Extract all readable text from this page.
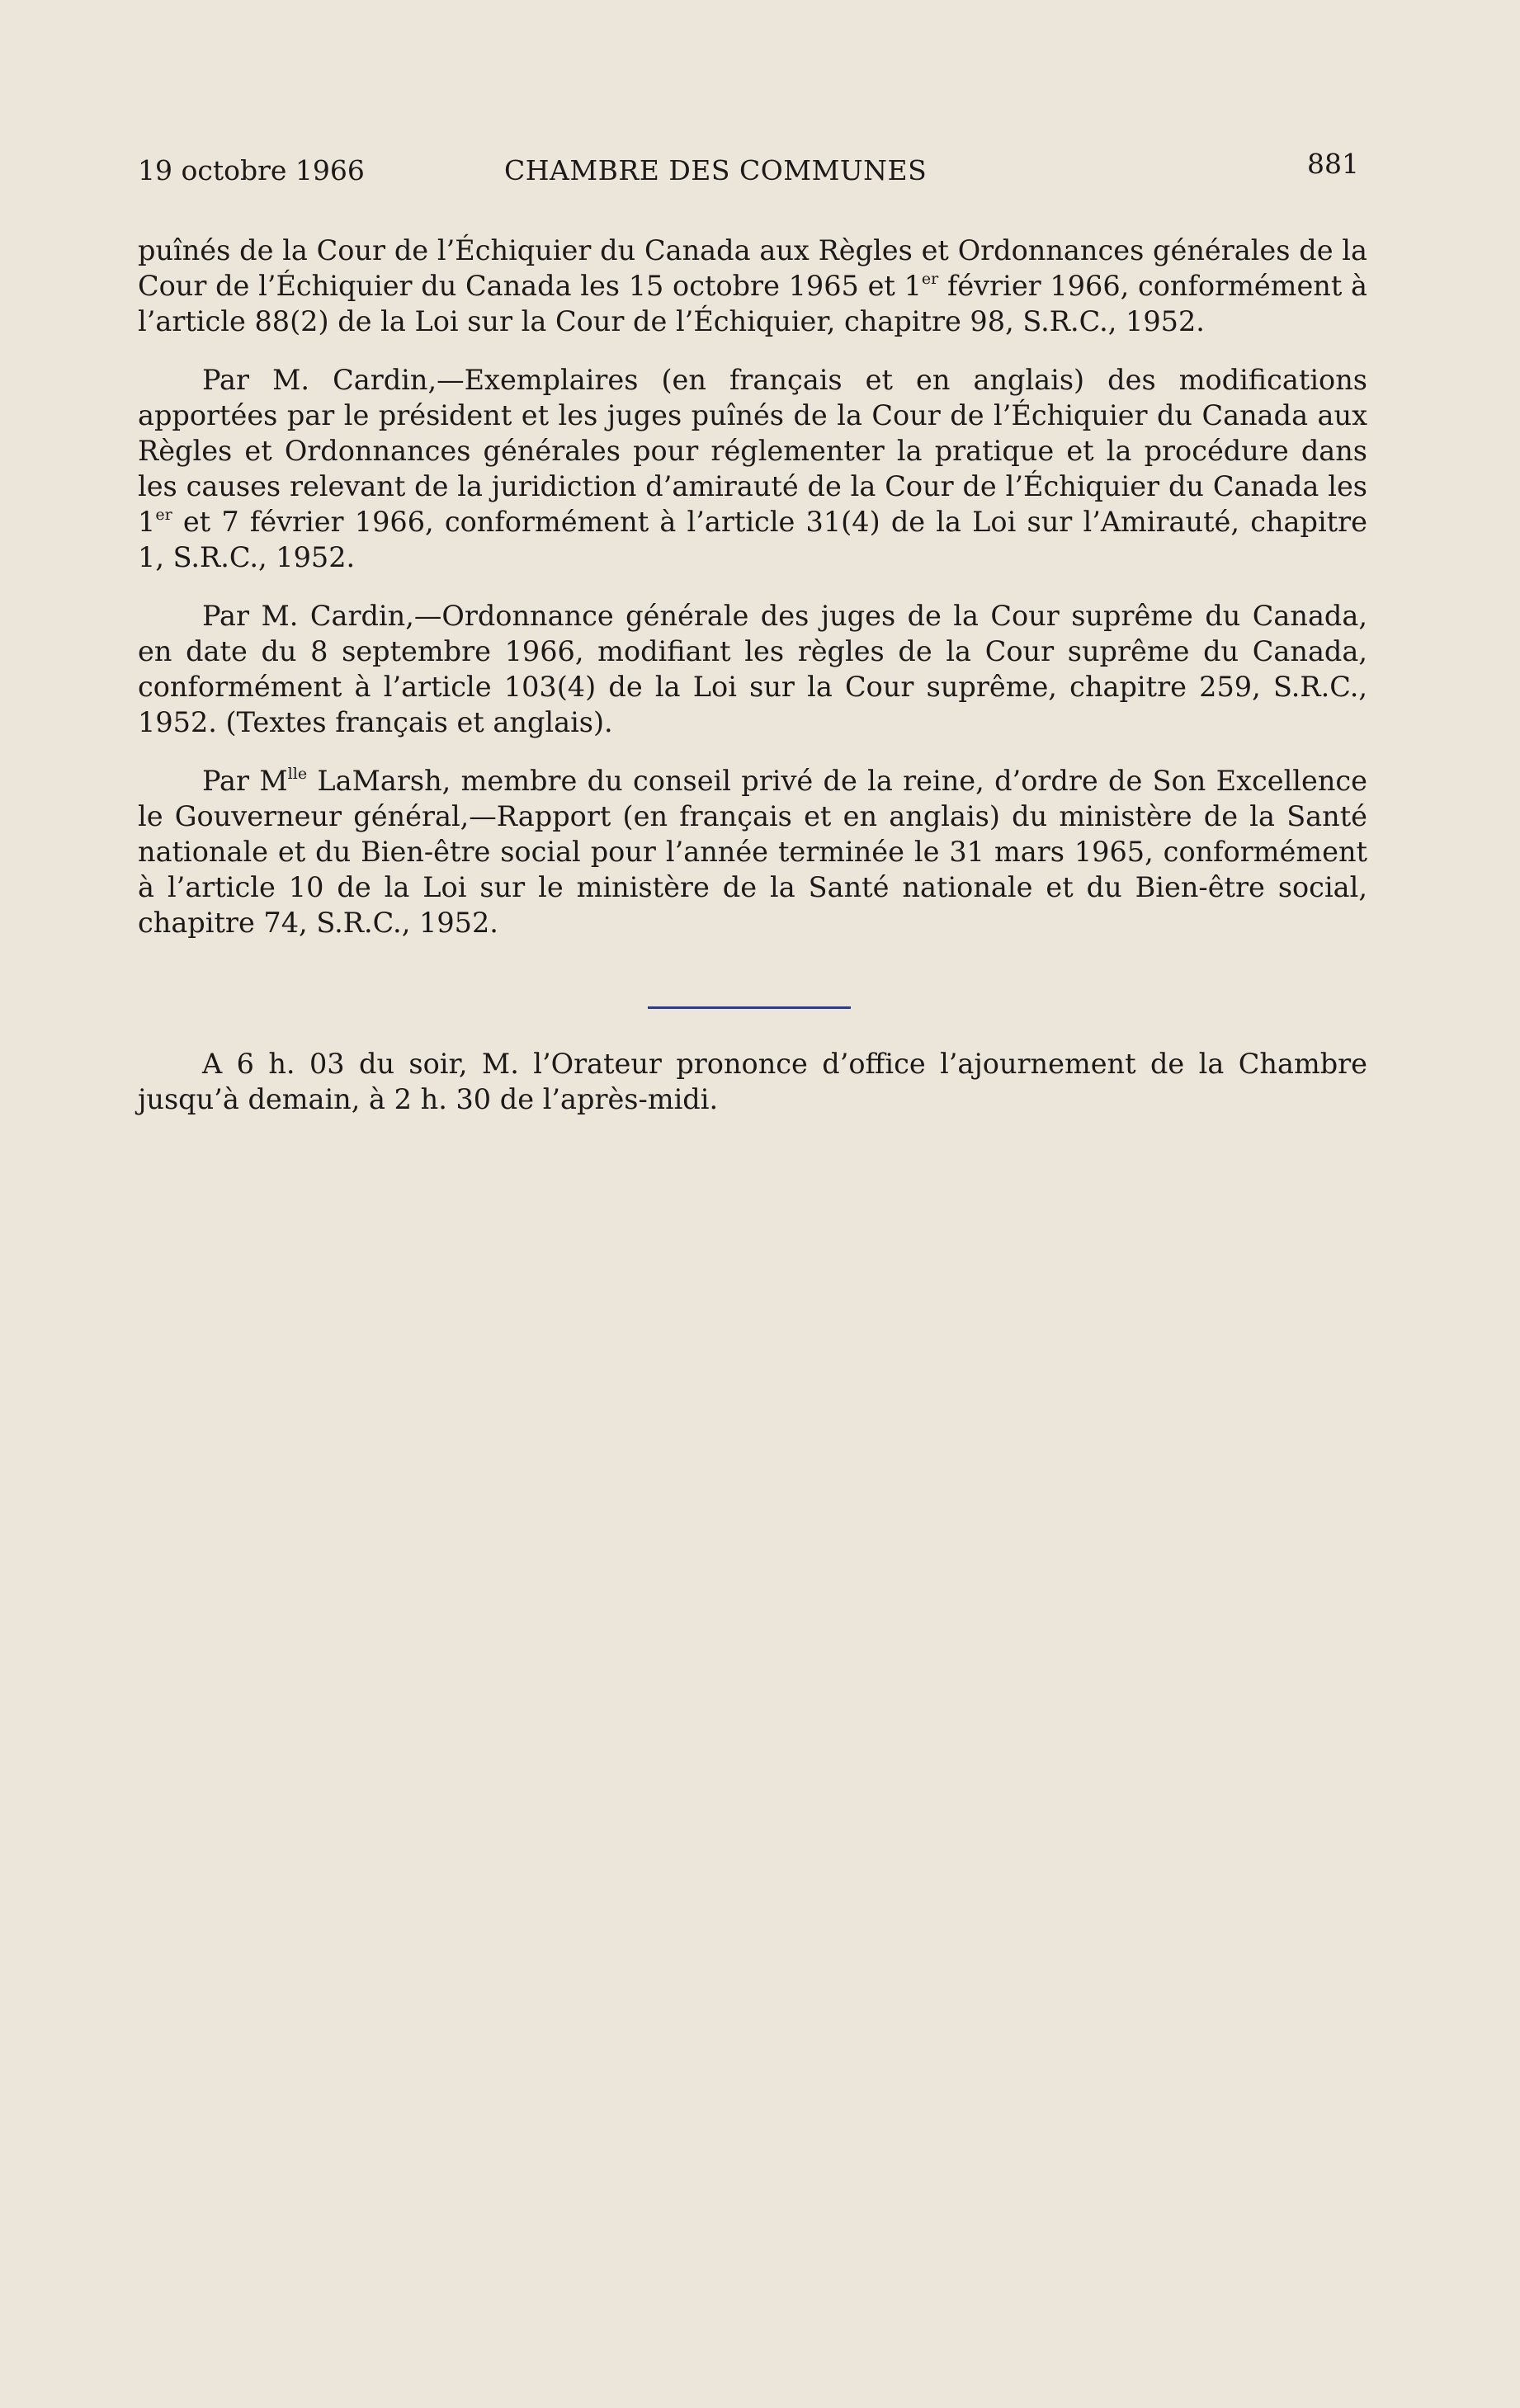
19 octobre 1966	CHAMBRE DES COMMUNES	881

puînés de la Cour de l’Échiquier du Canada aux Règles et Ordonnances générales de la Cour de l’Échiquier du Canada les 15 octobre 1965 et 1er février 1966, conformément à l’article 88(2) de la Loi sur la Cour de l’Échiquier, chapitre 98, S.R.C., 1952.

Par M. Cardin,—Exemplaires (en français et en anglais) des modifications apportées par le président et les juges puînés de la Cour de l’Échiquier du Canada aux Règles et Ordonnances générales pour réglementer la pratique et la procédure dans les causes relevant de la juridiction d’amirauté de la Cour de l’Échiquier du Canada les 1er et 7 février 1966, conformément à l’article 31(4) de la Loi sur l’Amirauté, chapitre 1, S.R.C., 1952.

Par M. Cardin,—Ordonnance générale des juges de la Cour suprême du Canada, en date du 8 septembre 1966, modifiant les règles de la Cour suprême du Canada, conformément à l’article 103(4) de la Loi sur la Cour suprême, chapitre 259, S.R.C., 1952. (Textes français et anglais).

Par $M^{lle}$ LaMarsh, membre du conseil privé de la reine, d’ordre de Son Excellence le Gouverneur général,—Rapport (en français et en anglais) du ministère de la Santé nationale et du Bien-être social pour l’année terminée le 31 mars 1965, conformément à l’article 10 de la Loi sur le ministère de la Santé nationale et du Bien-être social, chapitre 74, S.R.C., 1952.

A 6 h. 03 du soir, M. l’Orateur prononce d’office l’ajournement de la Chambre jusqu’à demain, à 2 h. 30 de l’après-midi.
